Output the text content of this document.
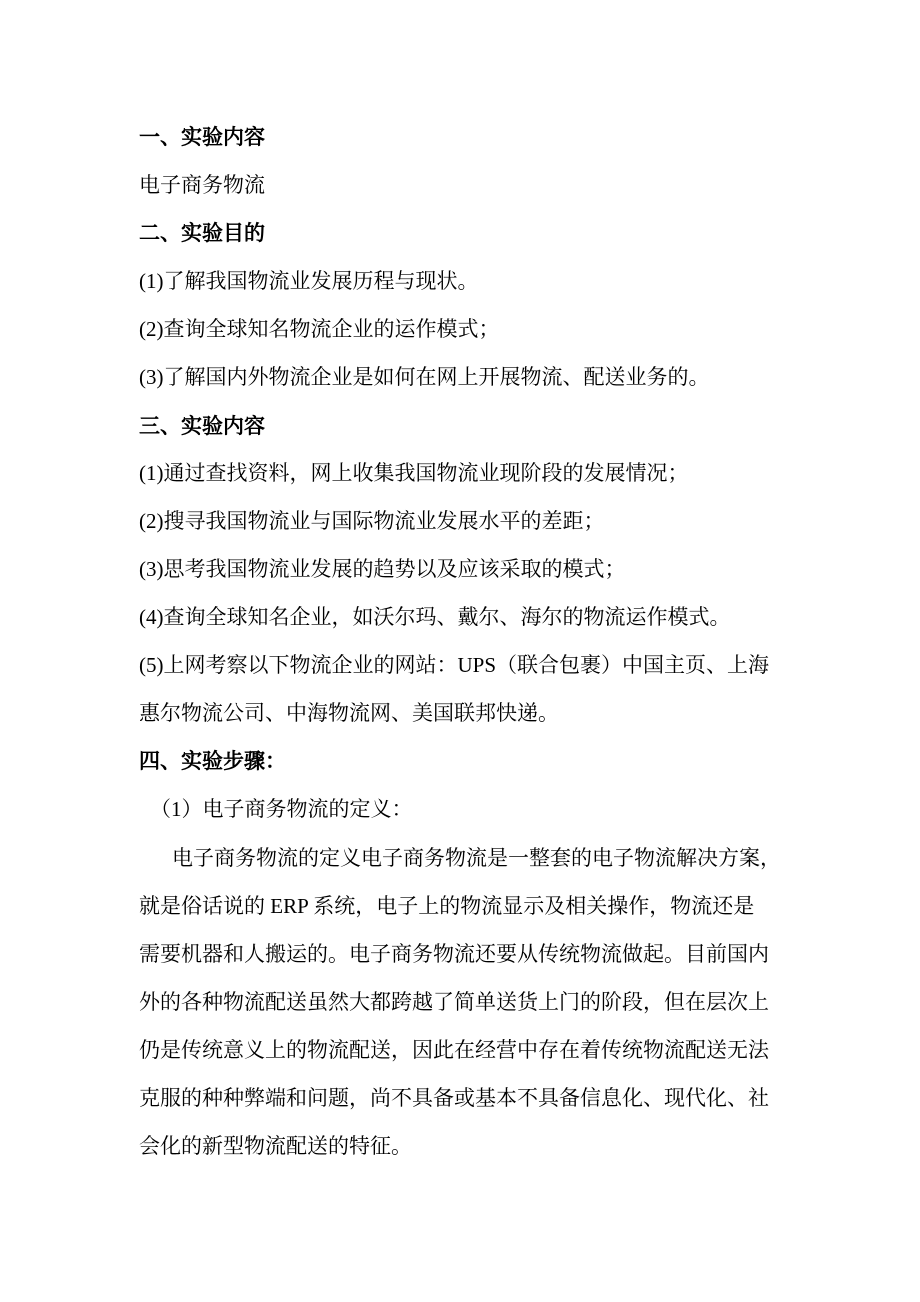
一、实验内容
电子商务物流
二、实验目的
(1)了解我国物流业发展历程与现状。
(2)查询全球知名物流企业的运作模式；
(3)了解国内外物流企业是如何在网上开展物流、配送业务的。
三、实验内容
(1)通过查找资料，网上收集我国物流业现阶段的发展情况；
(2)搜寻我国物流业与国际物流业发展水平的差距；
(3)思考我国物流业发展的趋势以及应该采取的模式；
(4)查询全球知名企业，如沃尔玛、戴尔、海尔的物流运作模式。
(5)上网考察以下物流企业的网站：UPS（联合包裹）中国主页、上海
惠尔物流公司、中海物流网、美国联邦快递。
四、实验步骤：
（1）电子商务物流的定义：
电子商务物流的定义电子商务物流是一整套的电子物流解决方案，
就是俗话说的 ERP 系统，电子上的物流显示及相关操作，物流还是
需要机器和人搬运的。电子商务物流还要从传统物流做起。目前国内
外的各种物流配送虽然大都跨越了简单送货上门的阶段，但在层次上
仍是传统意义上的物流配送，因此在经营中存在着传统物流配送无法
克服的种种弊端和问题，尚不具备或基本不具备信息化、现代化、社
会化的新型物流配送的特征。
